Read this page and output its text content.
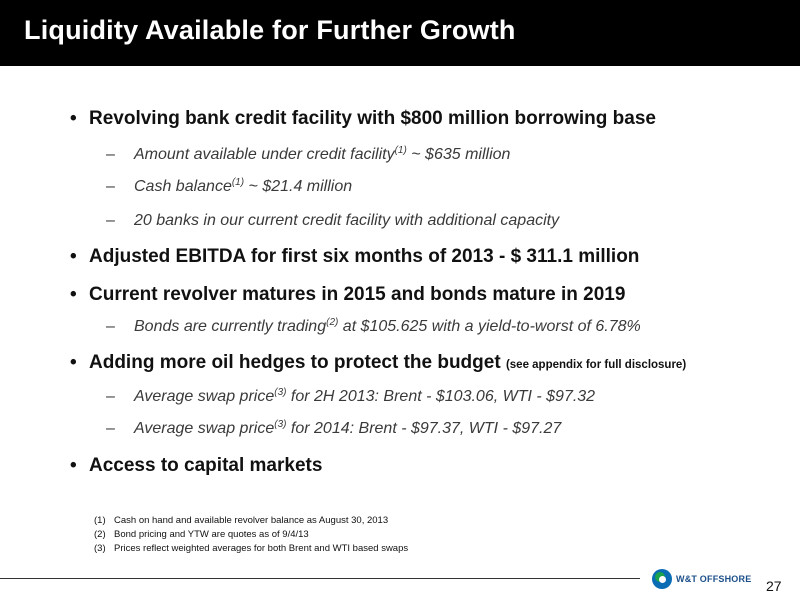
Liquidity Available for Further Growth
• Revolving bank credit facility with $800 million borrowing base
– Amount available under credit facility$^{(1)}$ ~ $635 million
– Cash balance$^{(1)}$ ~ $21.4 million
– 20 banks in our current credit facility with additional capacity
• Adjusted EBITDA for first six months of 2013 - $ 311.1 million
• Current revolver matures in 2015 and bonds mature in 2019
– Bonds are currently trading$^{(2)}$ at $105.625 with a yield-to-worst of 6.78%
• Adding more oil hedges to protect the budget (see appendix for full disclosure)
– Average swap price$^{(3)}$ for 2H 2013: Brent - $103.06, WTI - $97.32
– Average swap price$^{(3)}$ for 2014: Brent - $97.37, WTI - $97.27
• Access to capital markets
(1) Cash on hand and available revolver balance as August 30, 2013
(2) Bond pricing and YTW are quotes as of 9/4/13
(3) Prices reflect weighted averages for both Brent and WTI based swaps
W&T OFFSHORE 27
